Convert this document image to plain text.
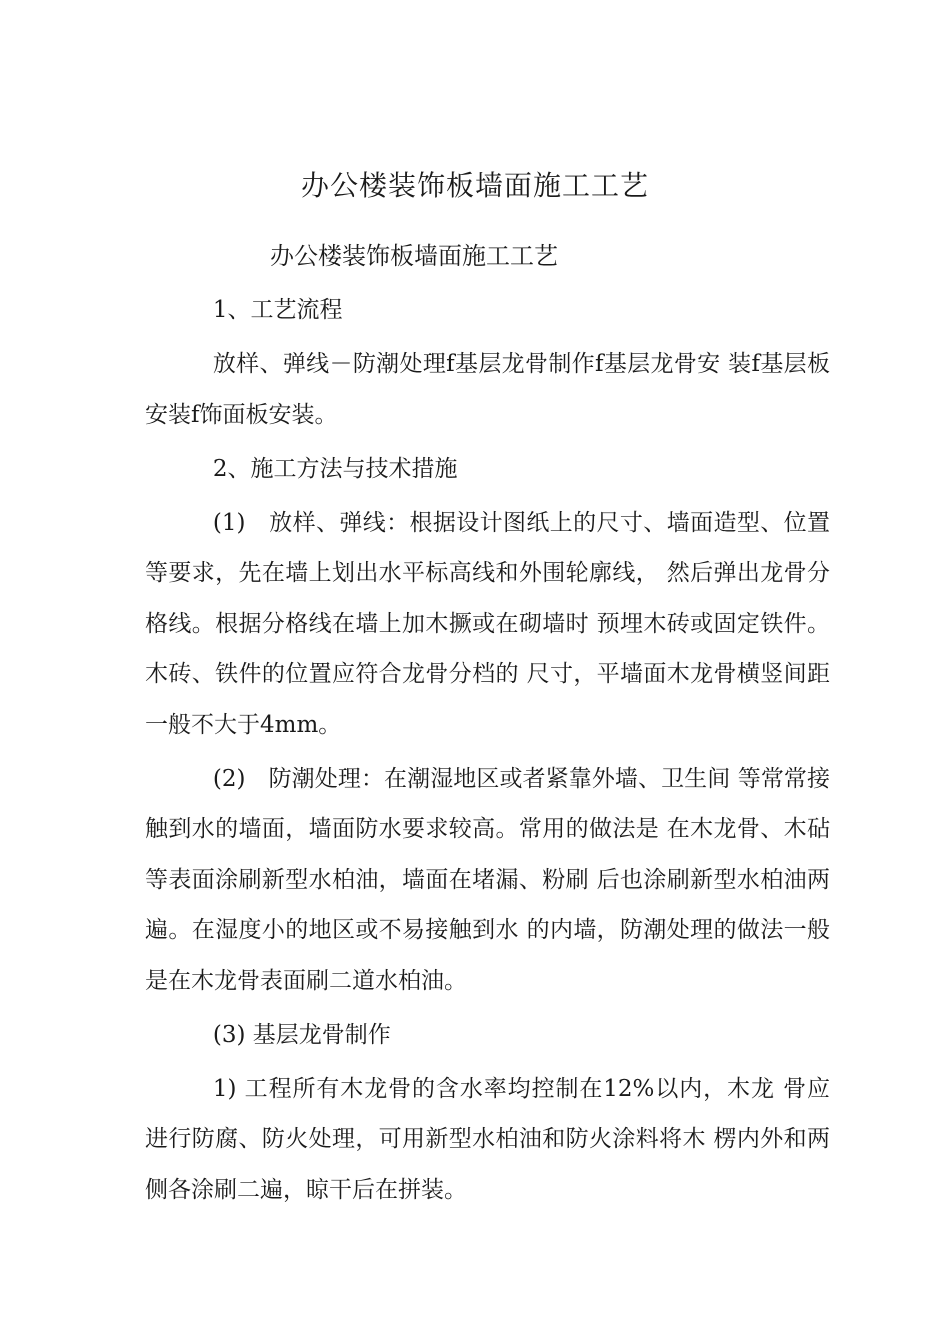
办公楼装饰板墙面施工工艺
办公楼装饰板墙面施工工艺

1、工艺流程

放样、弹线－防潮处理f基层龙骨制作f基层龙骨安 装f基层板安装f饰面板安装。

2、施工方法与技术措施

(1)　放样、弹线：根据设计图纸上的尺寸、墙面造型、位置等要求，先在墙上划出水平标高线和外围轮廓线， 然后弹出龙骨分格线。根据分格线在墙上加木撅或在砌墙时 预埋木砖或固定铁件。木砖、铁件的位置应符合龙骨分档的 尺寸，平墙面木龙骨横竖间距一般不大于4mm。

(2)　防潮处理：在潮湿地区或者紧靠外墙、卫生间 等常常接触到水的墙面，墙面防水要求较高。常用的做法是 在木龙骨、木砧等表面涂刷新型水柏油，墙面在堵漏、粉刷 后也涂刷新型水柏油两遍。在湿度小的地区或不易接触到水 的内墙，防潮处理的做法一般是在木龙骨表面刷二道水柏油。

(3) 基层龙骨制作

1) 工程所有木龙骨的含水率均控制在12%以内，木龙 骨应进行防腐、防火处理，可用新型水柏油和防火涂料将木 楞内外和两侧各涂刷二遍，晾干后在拼装。
